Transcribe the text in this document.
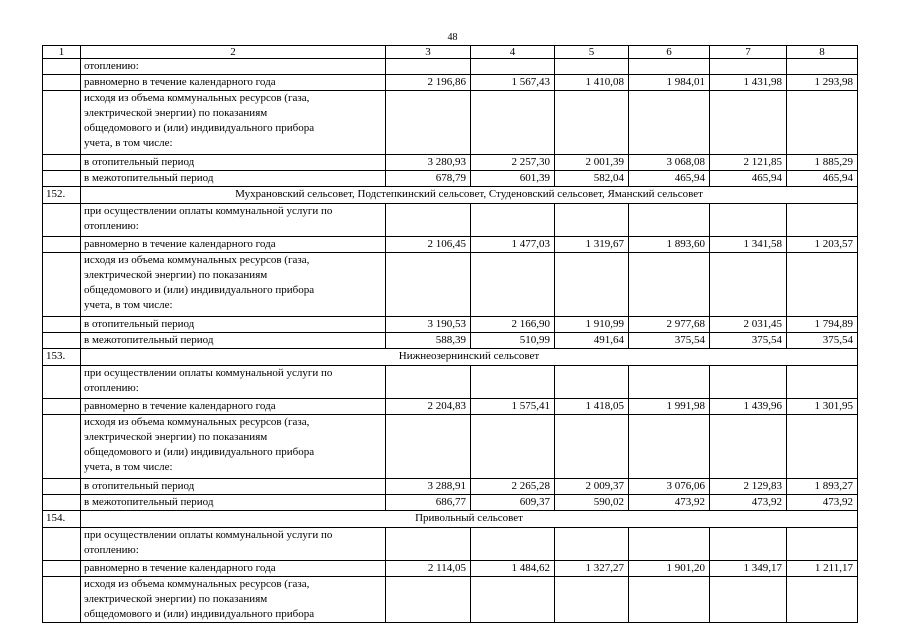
48
1	2	3	4	5	6	7	8
	отоплению:						
	равномерно в течение календарного года	2 196,86	1 567,43	1 410,08	1 984,01	1 431,98	1 293,98
	исходя из объема коммунальных ресурсов (газа,
электрической энергии) по показаниям
общедомового и (или) индивидуального прибора
учета, в том числе:						
	в отопительный период	3 280,93	2 257,30	2 001,39	3 068,08	2 121,85	1 885,29
	в межотопительный период	678,79	601,39	582,04	465,94	465,94	465,94
152.	Мухрановский сельсовет, Подстепкинский сельсовет, Студеновский сельсовет, Яманский сельсовет						
	при осуществлении оплаты коммунальной услуги по
отоплению:						
	равномерно в течение календарного года	2 106,45	1 477,03	1 319,67	1 893,60	1 341,58	1 203,57
	исходя из объема коммунальных ресурсов (газа,
электрической энергии) по показаниям
общедомового и (или) индивидуального прибора
учета, в том числе:						
	в отопительный период	3 190,53	2 166,90	1 910,99	2 977,68	2 031,45	1 794,89
	в межотопительный период	588,39	510,99	491,64	375,54	375,54	375,54
153.	Нижнеозернинский сельсовет						
	при осуществлении оплаты коммунальной услуги по
отоплению:						
	равномерно в течение календарного года	2 204,83	1 575,41	1 418,05	1 991,98	1 439,96	1 301,95
	исходя из объема коммунальных ресурсов (газа,
электрической энергии) по показаниям
общедомового и (или) индивидуального прибора
учета, в том числе:						
	в отопительный период	3 288,91	2 265,28	2 009,37	3 076,06	2 129,83	1 893,27
	в межотопительный период	686,77	609,37	590,02	473,92	473,92	473,92
154.	Привольный сельсовет						
	при осуществлении оплаты коммунальной услуги по
отоплению:						
	равномерно в течение календарного года	2 114,05	1 484,62	1 327,27	1 901,20	1 349,17	1 211,17
	исходя из объема коммунальных ресурсов (газа,
электрической энергии) по показаниям
общедомового и (или) индивидуального прибора						
